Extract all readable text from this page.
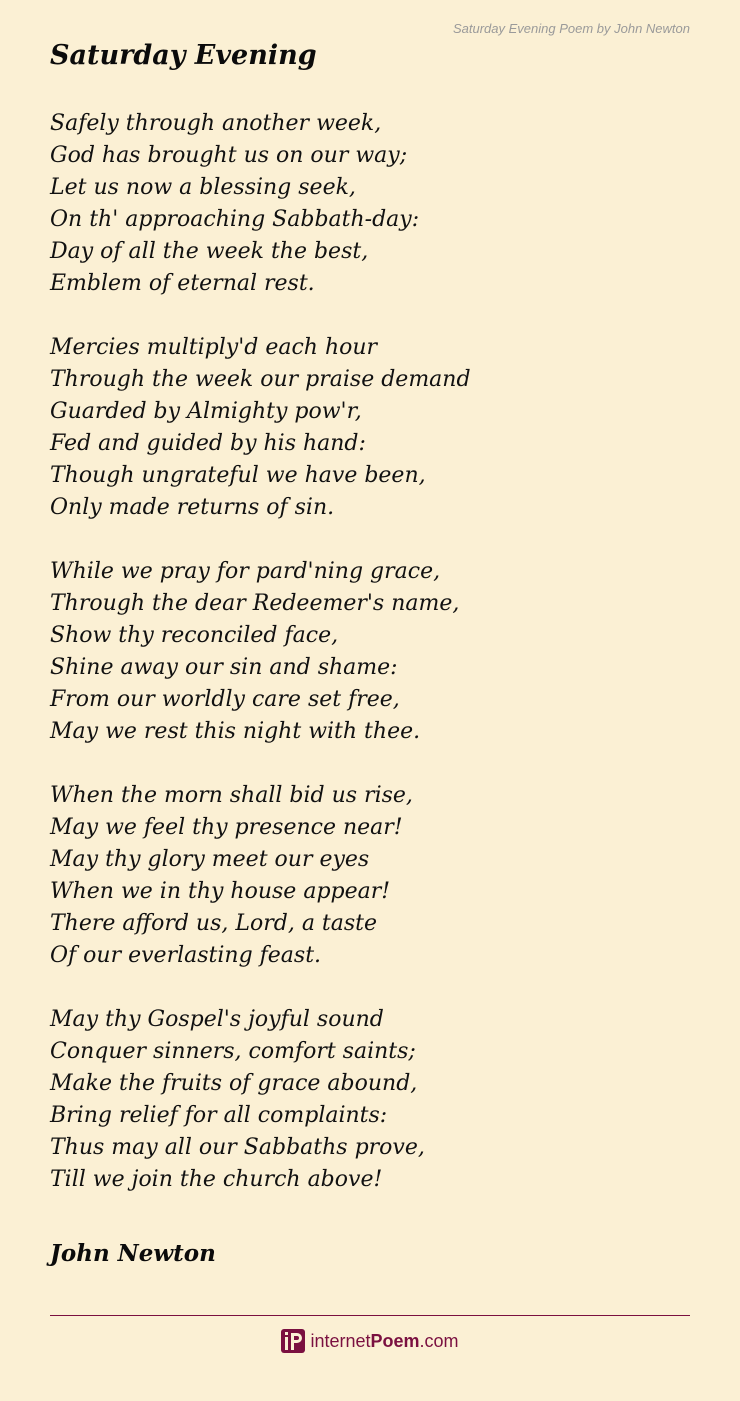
Saturday Evening Poem by John Newton
Saturday Evening
Safely through another week,
God has brought us on our way;
Let us now a blessing seek,
On th' approaching Sabbath-day:
Day of all the week the best,
Emblem of eternal rest.
Mercies multiply'd each hour
Through the week our praise demand
Guarded by Almighty pow'r,
Fed and guided by his hand:
Though ungrateful we have been,
Only made returns of sin.
While we pray for pard'ning grace,
Through the dear Redeemer's name,
Show thy reconciled face,
Shine away our sin and shame:
From our worldly care set free,
May we rest this night with thee.
When the morn shall bid us rise,
May we feel thy presence near!
May thy glory meet our eyes
When we in thy house appear!
There afford us, Lord, a taste
Of our everlasting feast.
May thy Gospel's joyful sound
Conquer sinners, comfort saints;
Make the fruits of grace abound,
Bring relief for all complaints:
Thus may all our Sabbaths prove,
Till we join the church above!
John Newton
internet Poem .com
